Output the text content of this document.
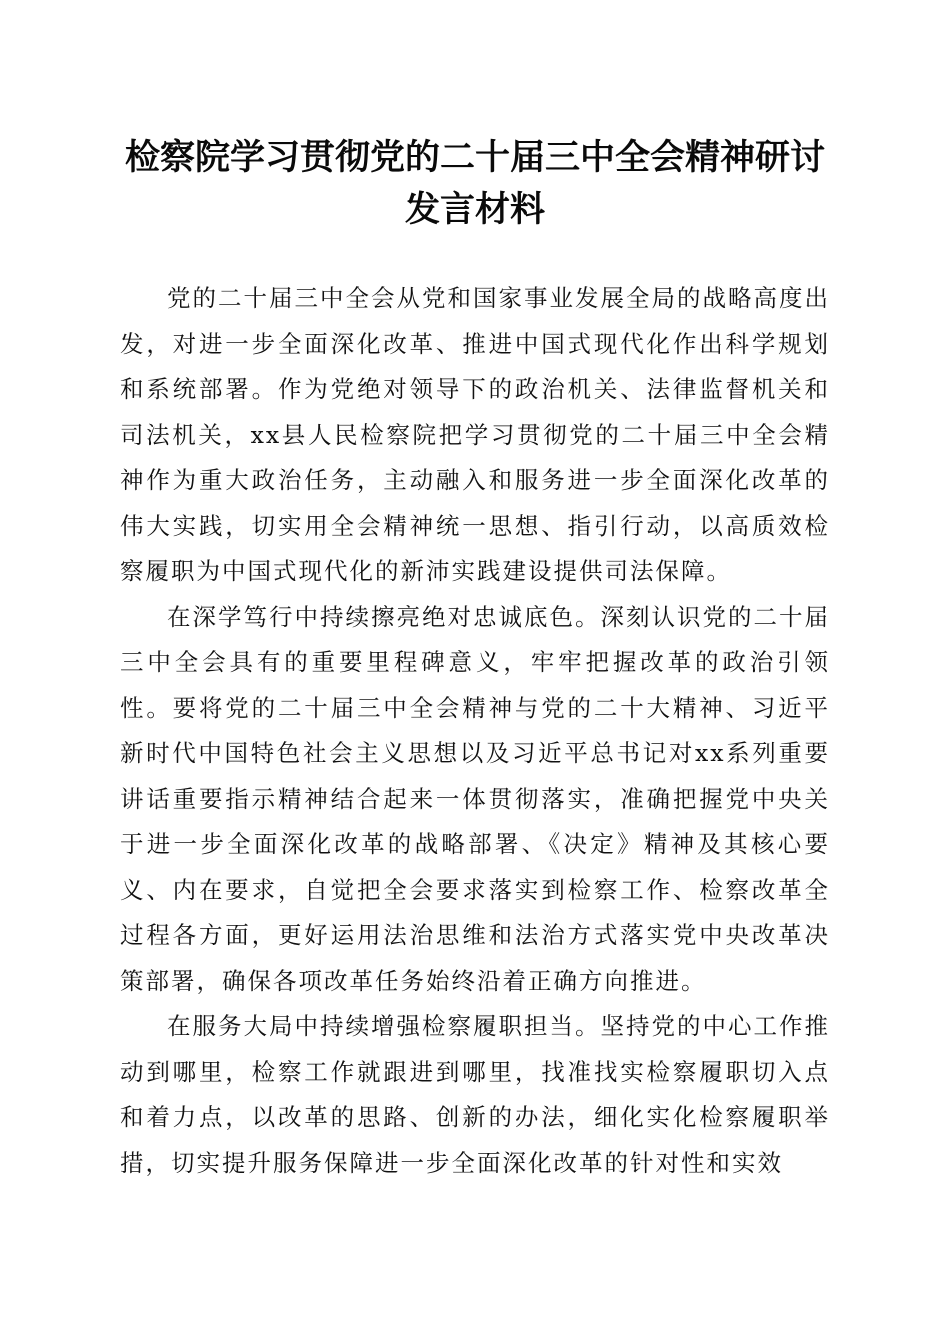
检察院学习贯彻党的二十届三中全会精神研讨
发言材料

党的二十届三中全会从党和国家事业发展全局的战略高度出发，对进一步全面深化改革、推进中国式现代化作出科学规划和系统部署。作为党绝对领导下的政治机关、法律监督机关和司法机关，xx县人民检察院把学习贯彻党的二十届三中全会精神作为重大政治任务，主动融入和服务进一步全面深化改革的伟大实践，切实用全会精神统一思想、指引行动，以高质效检察履职为中国式现代化的新沛实践建设提供司法保障。

在深学笃行中持续擦亮绝对忠诚底色。深刻认识党的二十届三中全会具有的重要里程碑意义，牢牢把握改革的政治引领性。要将党的二十届三中全会精神与党的二十大精神、习近平新时代中国特色社会主义思想以及习近平总书记对xx系列重要讲话重要指示精神结合起来一体贯彻落实，准确把握党中央关于进一步全面深化改革的战略部署、《决定》精神及其核心要义、内在要求，自觉把全会要求落实到检察工作、检察改革全过程各方面，更好运用法治思维和法治方式落实党中央改革决策部署，确保各项改革任务始终沿着正确方向推进。

在服务大局中持续增强检察履职担当。坚持党的中心工作推动到哪里，检察工作就跟进到哪里，找准找实检察履职切入点和着力点，以改革的思路、创新的办法，细化实化检察履职举措，切实提升服务保障进一步全面深化改革的针对性和实效
